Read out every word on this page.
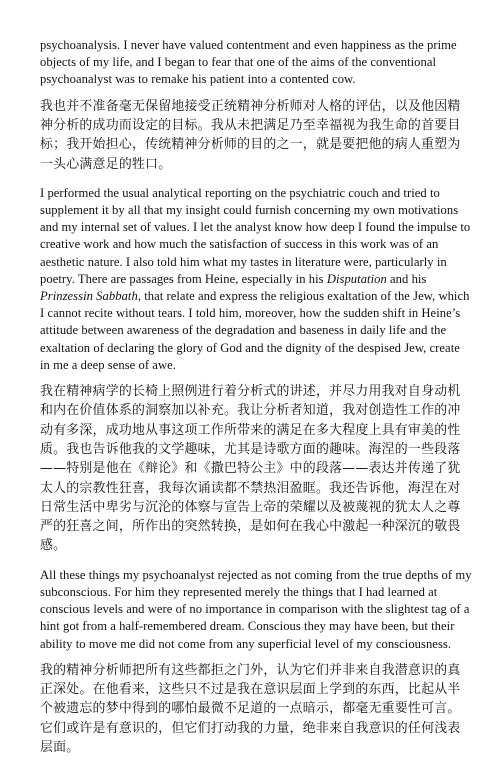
psychoanalysis. I never have valued contentment and even happiness as the prime objects of my life, and I began to fear that one of the aims of the conventional psychoanalyst was to remake his patient into a contented cow.

我也并不准备毫无保留地接受正统精神分析师对人格的评估，以及他因精神分析的成功而设定的目标。我从未把满足乃至幸福视为我生命的首要目标；我开始担心，传统精神分析师的目的之一，就是要把他的病人重塑为一头心满意足的牲口。

I performed the usual analytical reporting on the psychiatric couch and tried to supplement it by all that my insight could furnish concerning my own motivations and my internal set of values. I let the analyst know how deep I found the impulse to creative work and how much the satisfaction of success in this work was of an aesthetic nature. I also told him what my tastes in literature were, particularly in poetry. There are passages from Heine, especially in his Disputation and his Prinzessin Sabbath, that relate and express the religious exaltation of the Jew, which I cannot recite without tears. I told him, moreover, how the sudden shift in Heine’s attitude between awareness of the degradation and baseness in daily life and the exaltation of declaring the glory of God and the dignity of the despised Jew, create in me a deep sense of awe.

我在精神病学的长椅上照例进行着分析式的讲述，并尽力用我对自身动机和内在价值体系的洞察加以补充。我让分析者知道，我对创造性工作的冲动有多深，成功地从事这项工作所带来的满足在多大程度上具有审美的性质。我也告诉他我的文学趣味，尤其是诗歌方面的趣味。海涅的一些段落——特别是他在《辩论》和《撒巴特公主》中的段落——表达并传递了犹太人的宗教性狂喜，我每次诵读都不禁热泪盈眶。我还告诉他，海涅在对日常生活中卑劣与沉沦的体察与宣告上帝的荣耀以及被蔑视的犹太人之尊严的狂喜之间，所作出的突然转换，是如何在我心中激起一种深沉的敬畏感。

All these things my psychoanalyst rejected as not coming from the true depths of my subconscious. For him they represented merely the things that I had learned at conscious levels and were of no importance in comparison with the slightest tag of a hint got from a half-remembered dream. Conscious they may have been, but their ability to move me did not come from any superficial level of my consciousness.

我的精神分析师把所有这些都拒之门外，认为它们并非来自我潜意识的真正深处。在他看来，这些只不过是我在意识层面上学到的东西，比起从半个被遗忘的梦中得到的哪怕最微不足道的一点暗示，都毫无重要性可言。它们或许是有意识的，但它们打动我的力量，绝非来自我意识的任何浅表层面。
